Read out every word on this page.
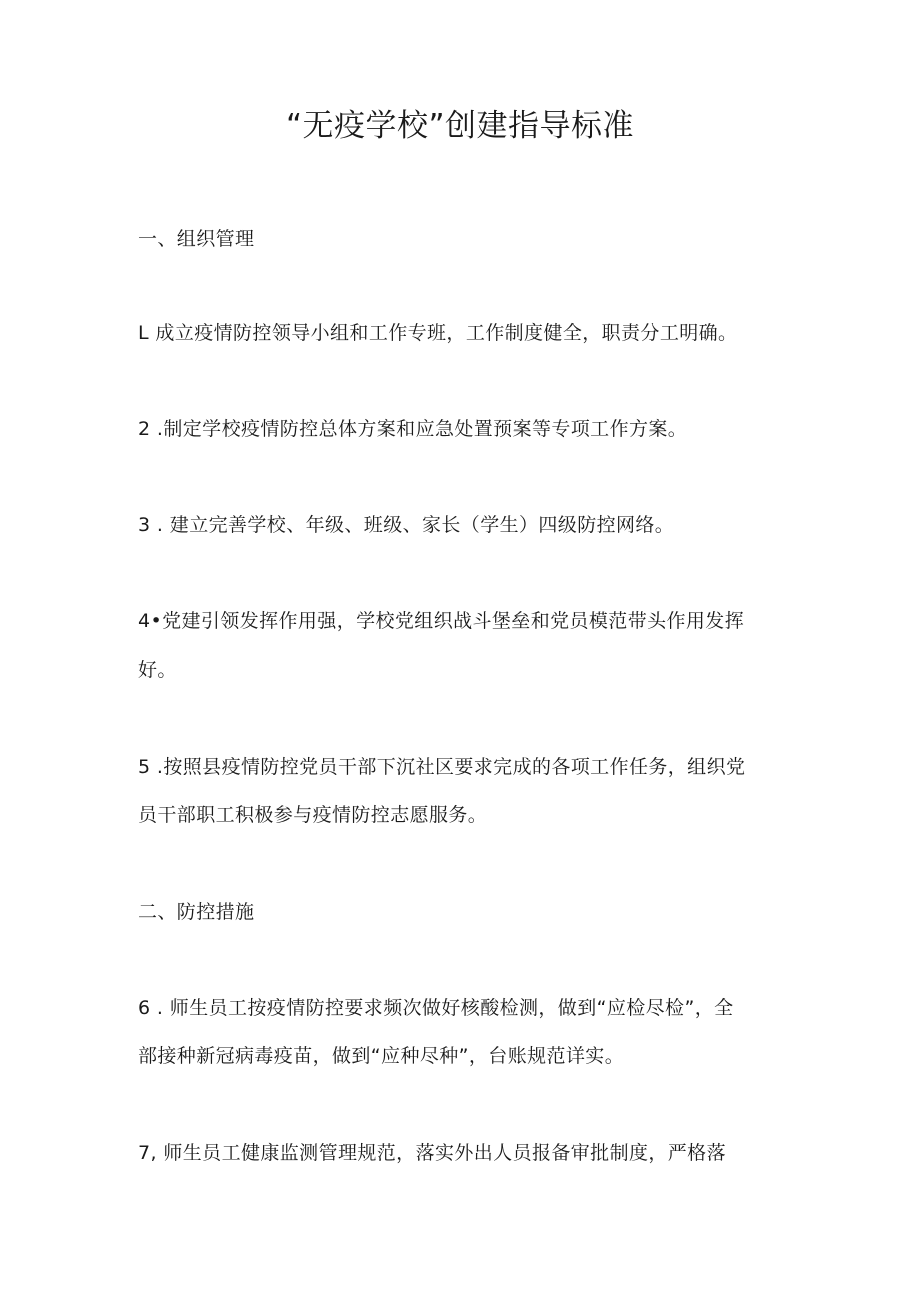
“无疫学校”创建指导标准
一、组织管理
L 成立疫情防控领导小组和工作专班，工作制度健全，职责分工明确。
2 .制定学校疫情防控总体方案和应急处置预案等专项工作方案。
3 . 建立完善学校、年级、班级、家长（学生）四级防控网络。
4•党建引领发挥作用强，学校党组织战斗堡垒和党员模范带头作用发挥
好。
5 .按照县疫情防控党员干部下沉社区要求完成的各项工作任务，组织党
员干部职工积极参与疫情防控志愿服务。
二、防控措施
6 . 师生员工按疫情防控要求频次做好核酸检测，做到“应检尽检”，全
部接种新冠病毒疫苗，做到“应种尽种”，台账规范详实。
7, 师生员工健康监测管理规范，落实外出人员报备审批制度，严格落
